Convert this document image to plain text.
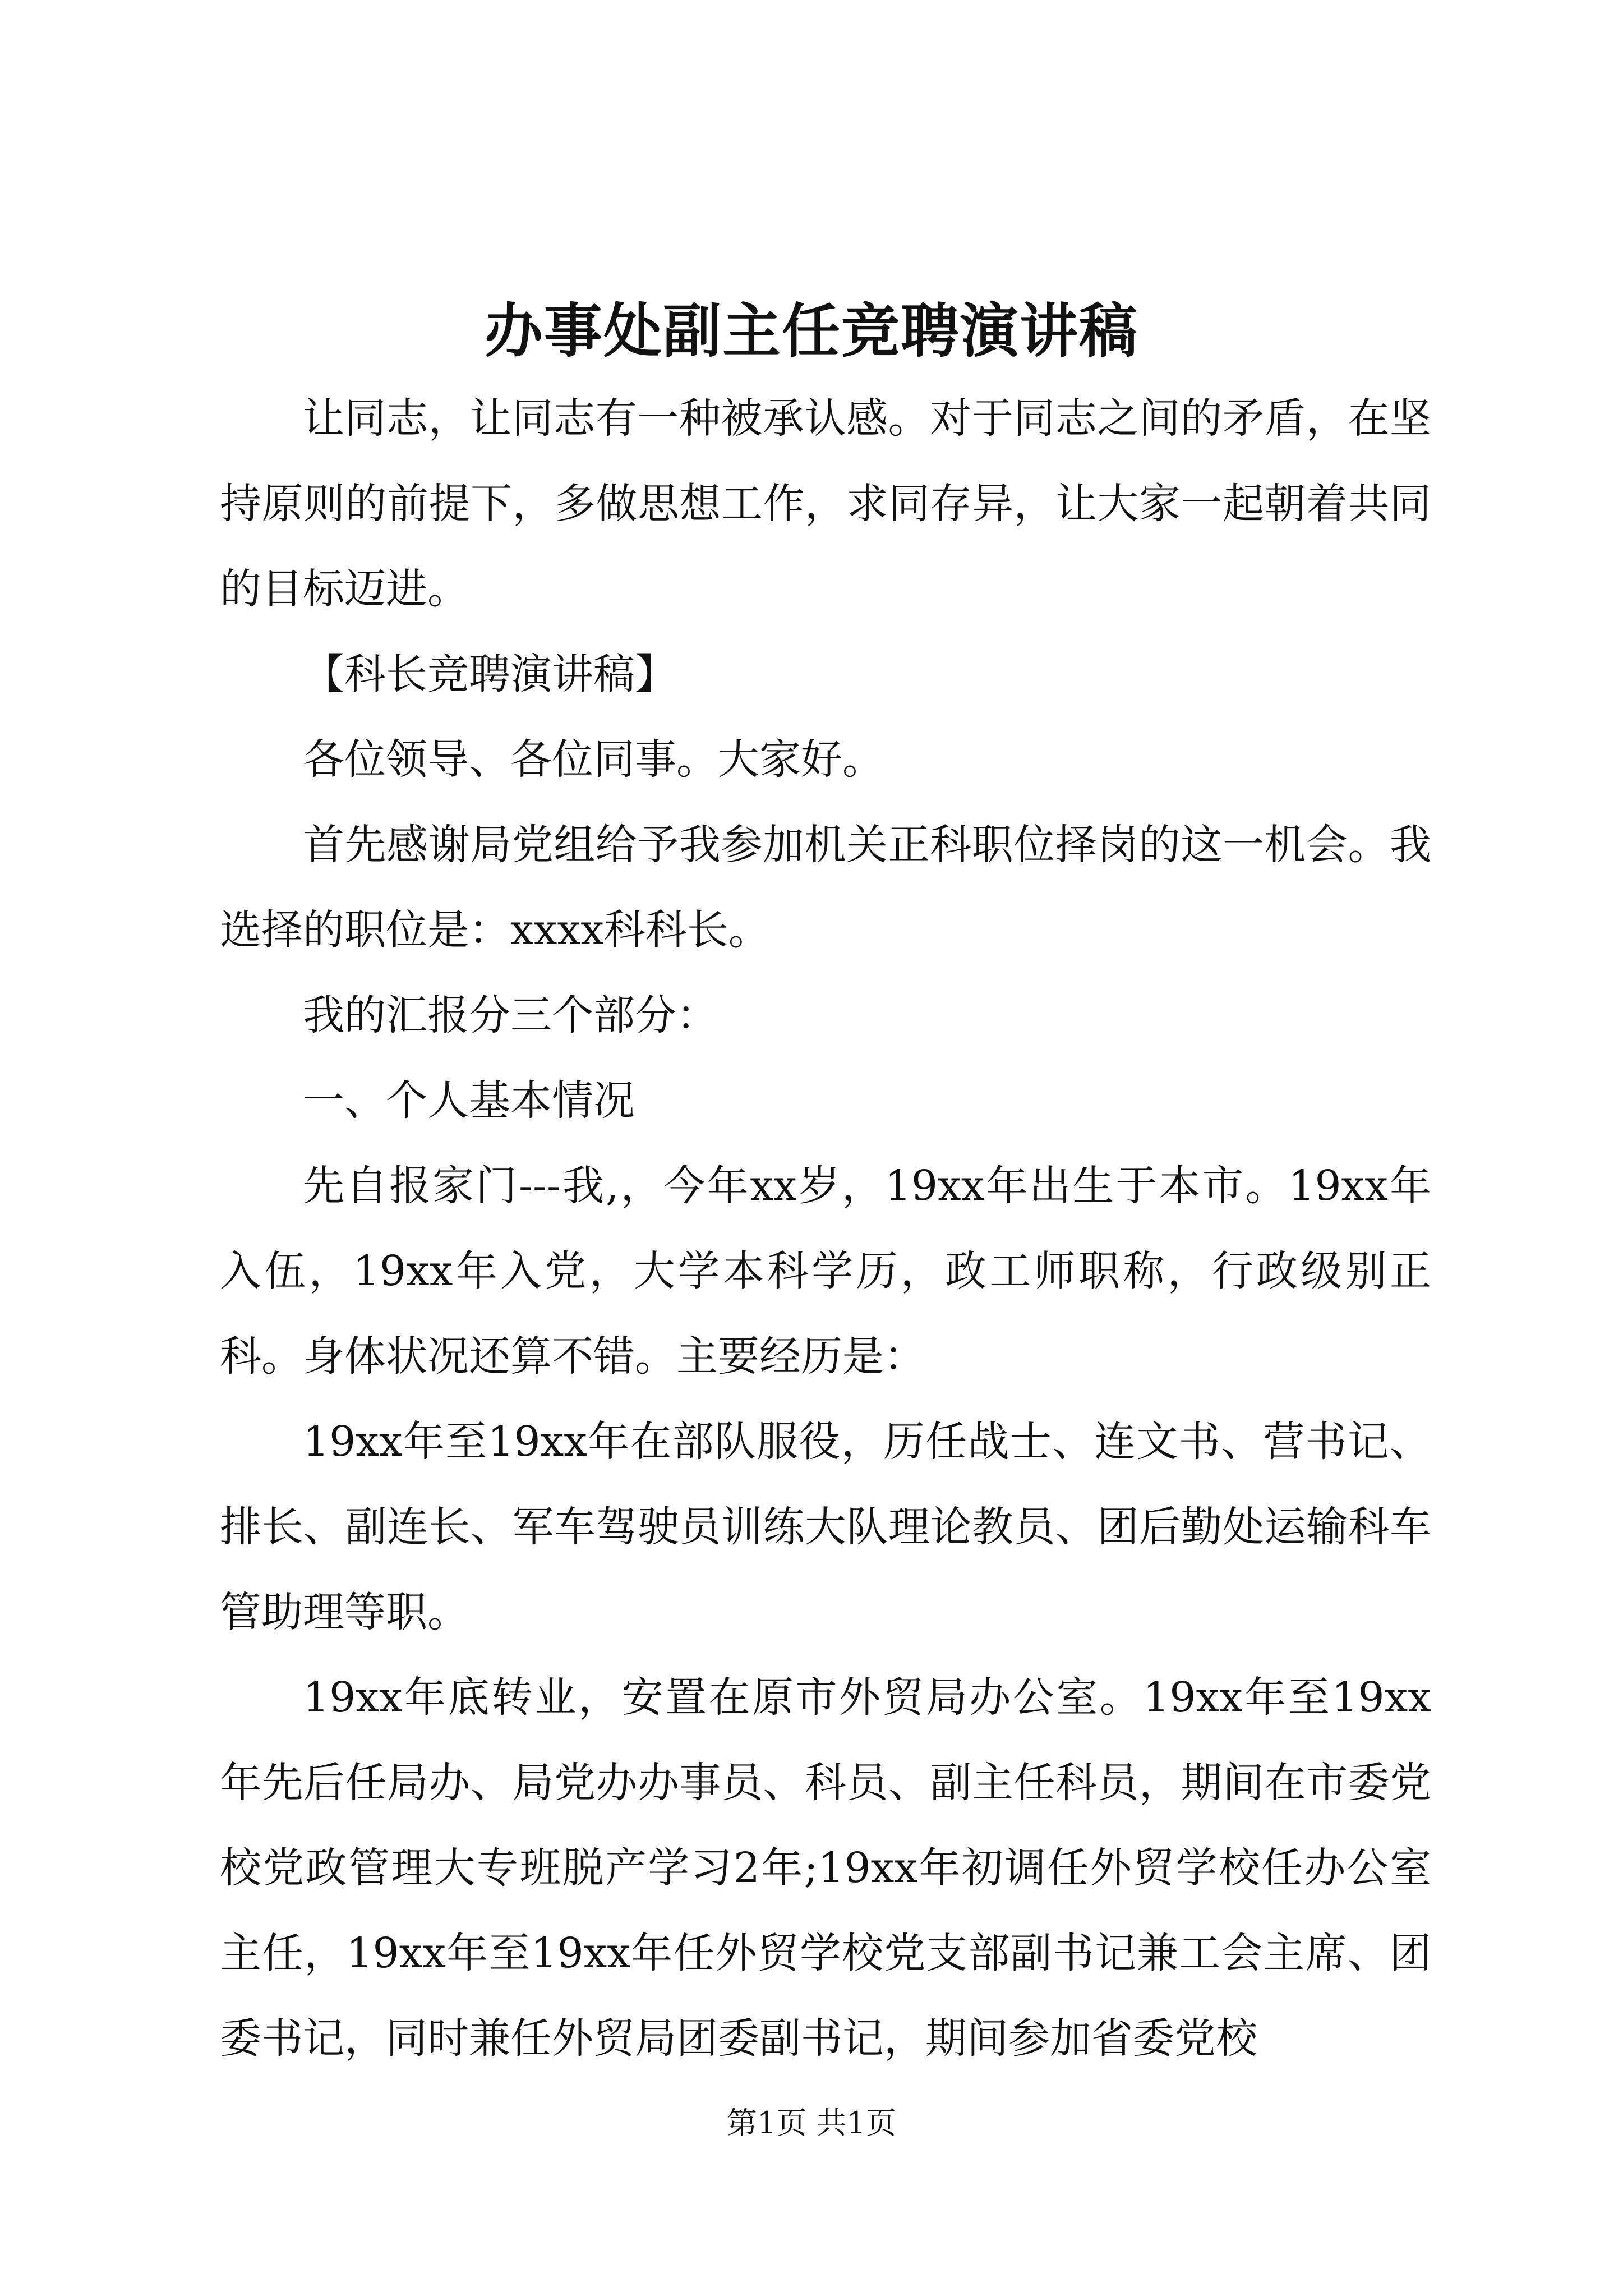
办事处副主任竞聘演讲稿

让同志，让同志有一种被承认感。对于同志之间的矛盾，在坚持原则的前提下，多做思想工作，求同存异，让大家一起朝着共同的目标迈进。

【科长竞聘演讲稿】

各位领导、各位同事。大家好。

首先感谢局党组给予我参加机关正科职位择岗的这一机会。我选择的职位是：xxxx科科长。

我的汇报分三个部分：

一、个人基本情况

先自报家门---我,，今年xx岁，19xx年出生于本市。19xx年入伍，19xx年入党，大学本科学历，政工师职称，行政级别正科。身体状况还算不错。主要经历是：

19xx年至19xx年在部队服役，历任战士、连文书、营书记、排长、副连长、军车驾驶员训练大队理论教员、团后勤处运输科车管助理等职。

19xx年底转业，安置在原市外贸局办公室。19xx年至19xx年先后任局办、局党办办事员、科员、副主任科员，期间在市委党校党政管理大专班脱产学习2年;19xx年初调任外贸学校任办公室主任，19xx年至19xx年任外贸学校党支部副书记兼工会主席、团委书记，同时兼任外贸局团委副书记，期间参加省委党校

第1页 共1页
